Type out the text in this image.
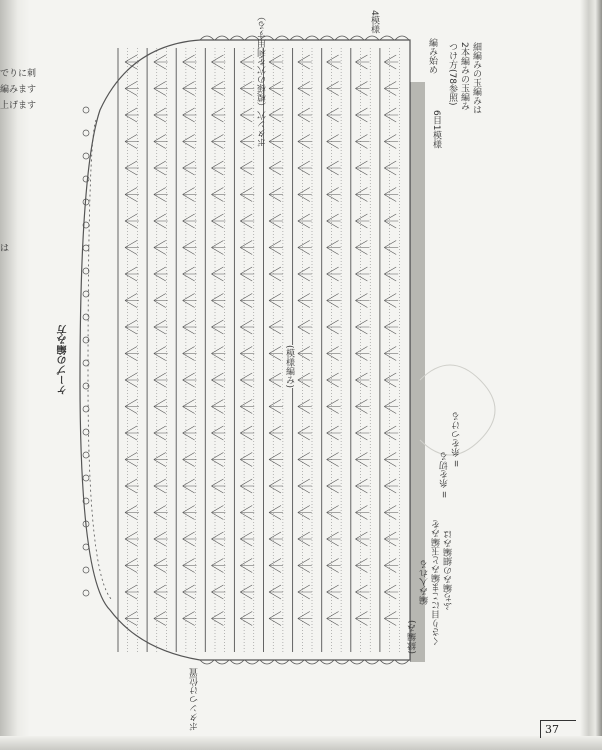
でりに刺
編みます
上げます
は
ケープの編み方	(模様編み)
ボタン穴（模様の穴を利用する）
ボタンつけ位置
編み始め
4模様
6目1模様
細編みの玉編みは
2本編みの玉編み
つけ方(78参照)
ふち編みの細編みは
くさり目にこま編みと玉編みを
編み入れる
(縁編み)
= 糸をつける
= 糸を切る
37
